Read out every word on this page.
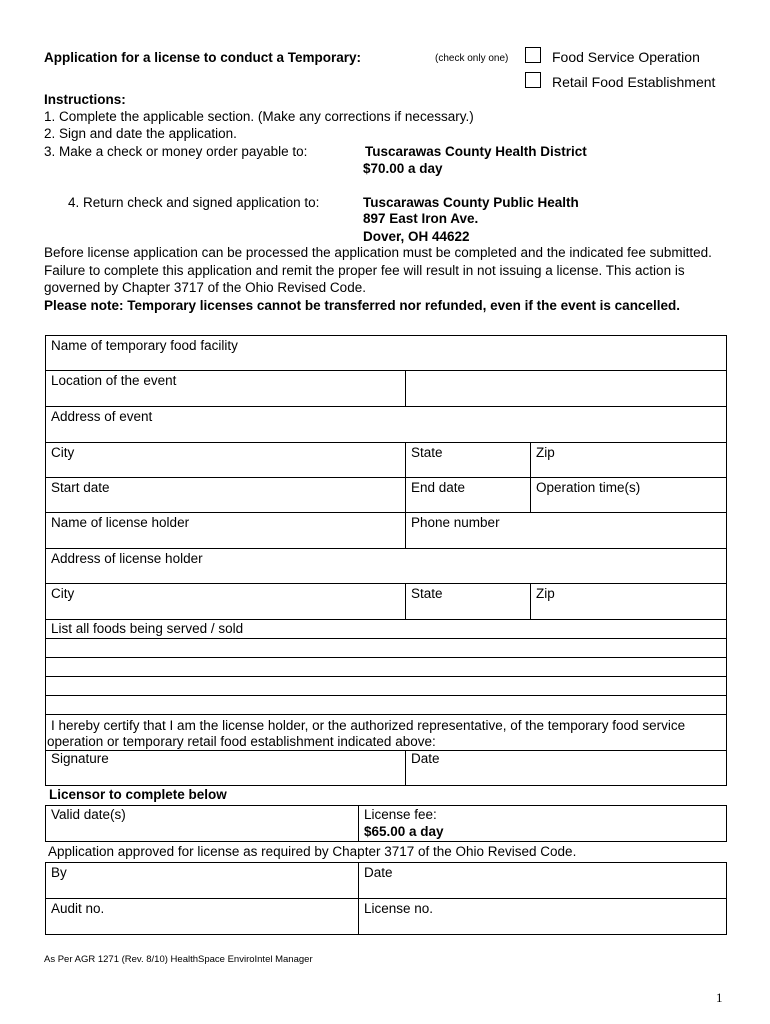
Application for a license to conduct a Temporary:	(check only one)	Food Service Operation
Retail Food Establishment
Instructions:
1. Complete the applicable section. (Make any corrections if necessary.)
2. Sign and date the application.
3. Make a check or money order payable to:	Tuscarawas County Health District
$70.00 a day
4. Return check and signed application to:	Tuscarawas County Public Health
897 East Iron Ave.
Dover, OH 44622
Before license application can be processed the application must be completed and the indicated fee submitted.
Failure to complete this application and remit the proper fee will result in not issuing a license. This action is
governed by Chapter 3717 of the Ohio Revised Code.
Please note: Temporary licenses cannot be transferred nor refunded, even if the event is cancelled.
Name of temporary food facility
Location of the event
Address of event
City	State	Zip
Start date	End date	Operation time(s)
Name of license holder	Phone number
Address of license holder
City	State	Zip
List all foods being served / sold
I hereby certify that I am the license holder, or the authorized representative, of the temporary food service
operation or temporary retail food establishment indicated above:
Signature	Date
Licensor to complete below
Valid date(s)	License fee:
$65.00 a day
Application approved for license as required by Chapter 3717 of the Ohio Revised Code.
By	Date
Audit no.	License no.
As Per AGR 1271 (Rev. 8/10) HealthSpace EnviroIntel Manager
1
